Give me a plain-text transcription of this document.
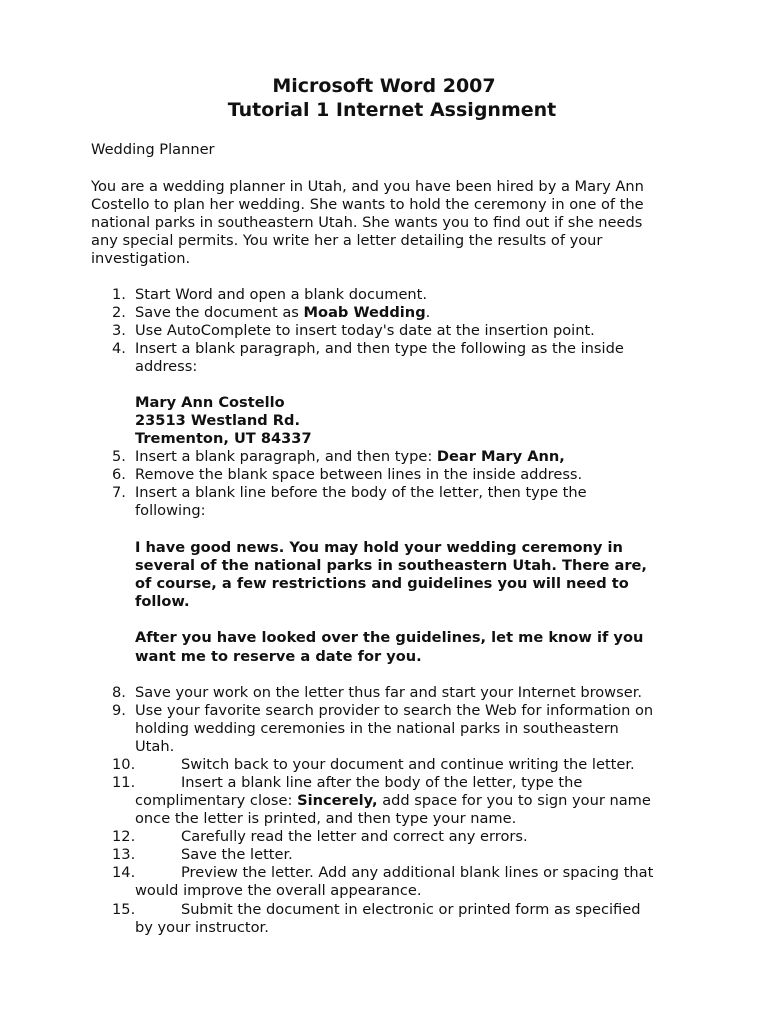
Microsoft Word 2007
Tutorial 1 Internet Assignment
Wedding Planner
You are a wedding planner in Utah, and you have been hired by a Mary Ann
Costello to plan her wedding. She wants to hold the ceremony in one of the
national parks in southeastern Utah. She wants you to find out if she needs
any special permits. You write her a letter detailing the results of your
investigation.
1. Start Word and open a blank document.
2. Save the document as Moab Wedding.
3. Use AutoComplete to insert today's date at the insertion point.
4. Insert a blank paragraph, and then type the following as the inside
address:
Mary Ann Costello
23513 Westland Rd.
Trementon, UT 84337
5. Insert a blank paragraph, and then type: Dear Mary Ann,
6. Remove the blank space between lines in the inside address.
7. Insert a blank line before the body of the letter, then type the
following:
I have good news. You may hold your wedding ceremony in
several of the national parks in southeastern Utah. There are,
of course, a few restrictions and guidelines you will need to
follow.
After you have looked over the guidelines, let me know if you
want me to reserve a date for you.
8. Save your work on the letter thus far and start your Internet browser.
9. Use your favorite search provider to search the Web for information on
holding wedding ceremonies in the national parks in southeastern
Utah.
10.	Switch back to your document and continue writing the letter.
11.	Insert a blank line after the body of the letter, type the
complimentary close: Sincerely, add space for you to sign your name
once the letter is printed, and then type your name.
12.	Carefully read the letter and correct any errors.
13.	Save the letter.
14.	Preview the letter. Add any additional blank lines or spacing that
would improve the overall appearance.
15.	Submit the document in electronic or printed form as specified
by your instructor.
